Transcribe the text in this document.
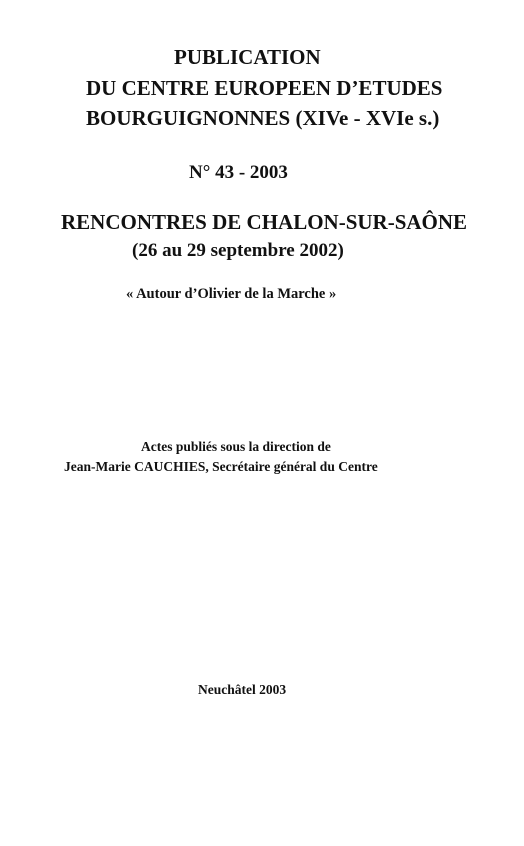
PUBLICATION
DU CENTRE EUROPEEN D’ETUDES
BOURGUIGNONNES (XIVe - XVIe s.)
N° 43 - 2003
RENCONTRES DE CHALON-SUR-SAÔNE
(26 au 29 septembre 2002)
« Autour d’Olivier de la Marche »
Actes publiés sous la direction de
Jean-Marie CAUCHIES, Secrétaire général du Centre
Neuchâtel 2003
